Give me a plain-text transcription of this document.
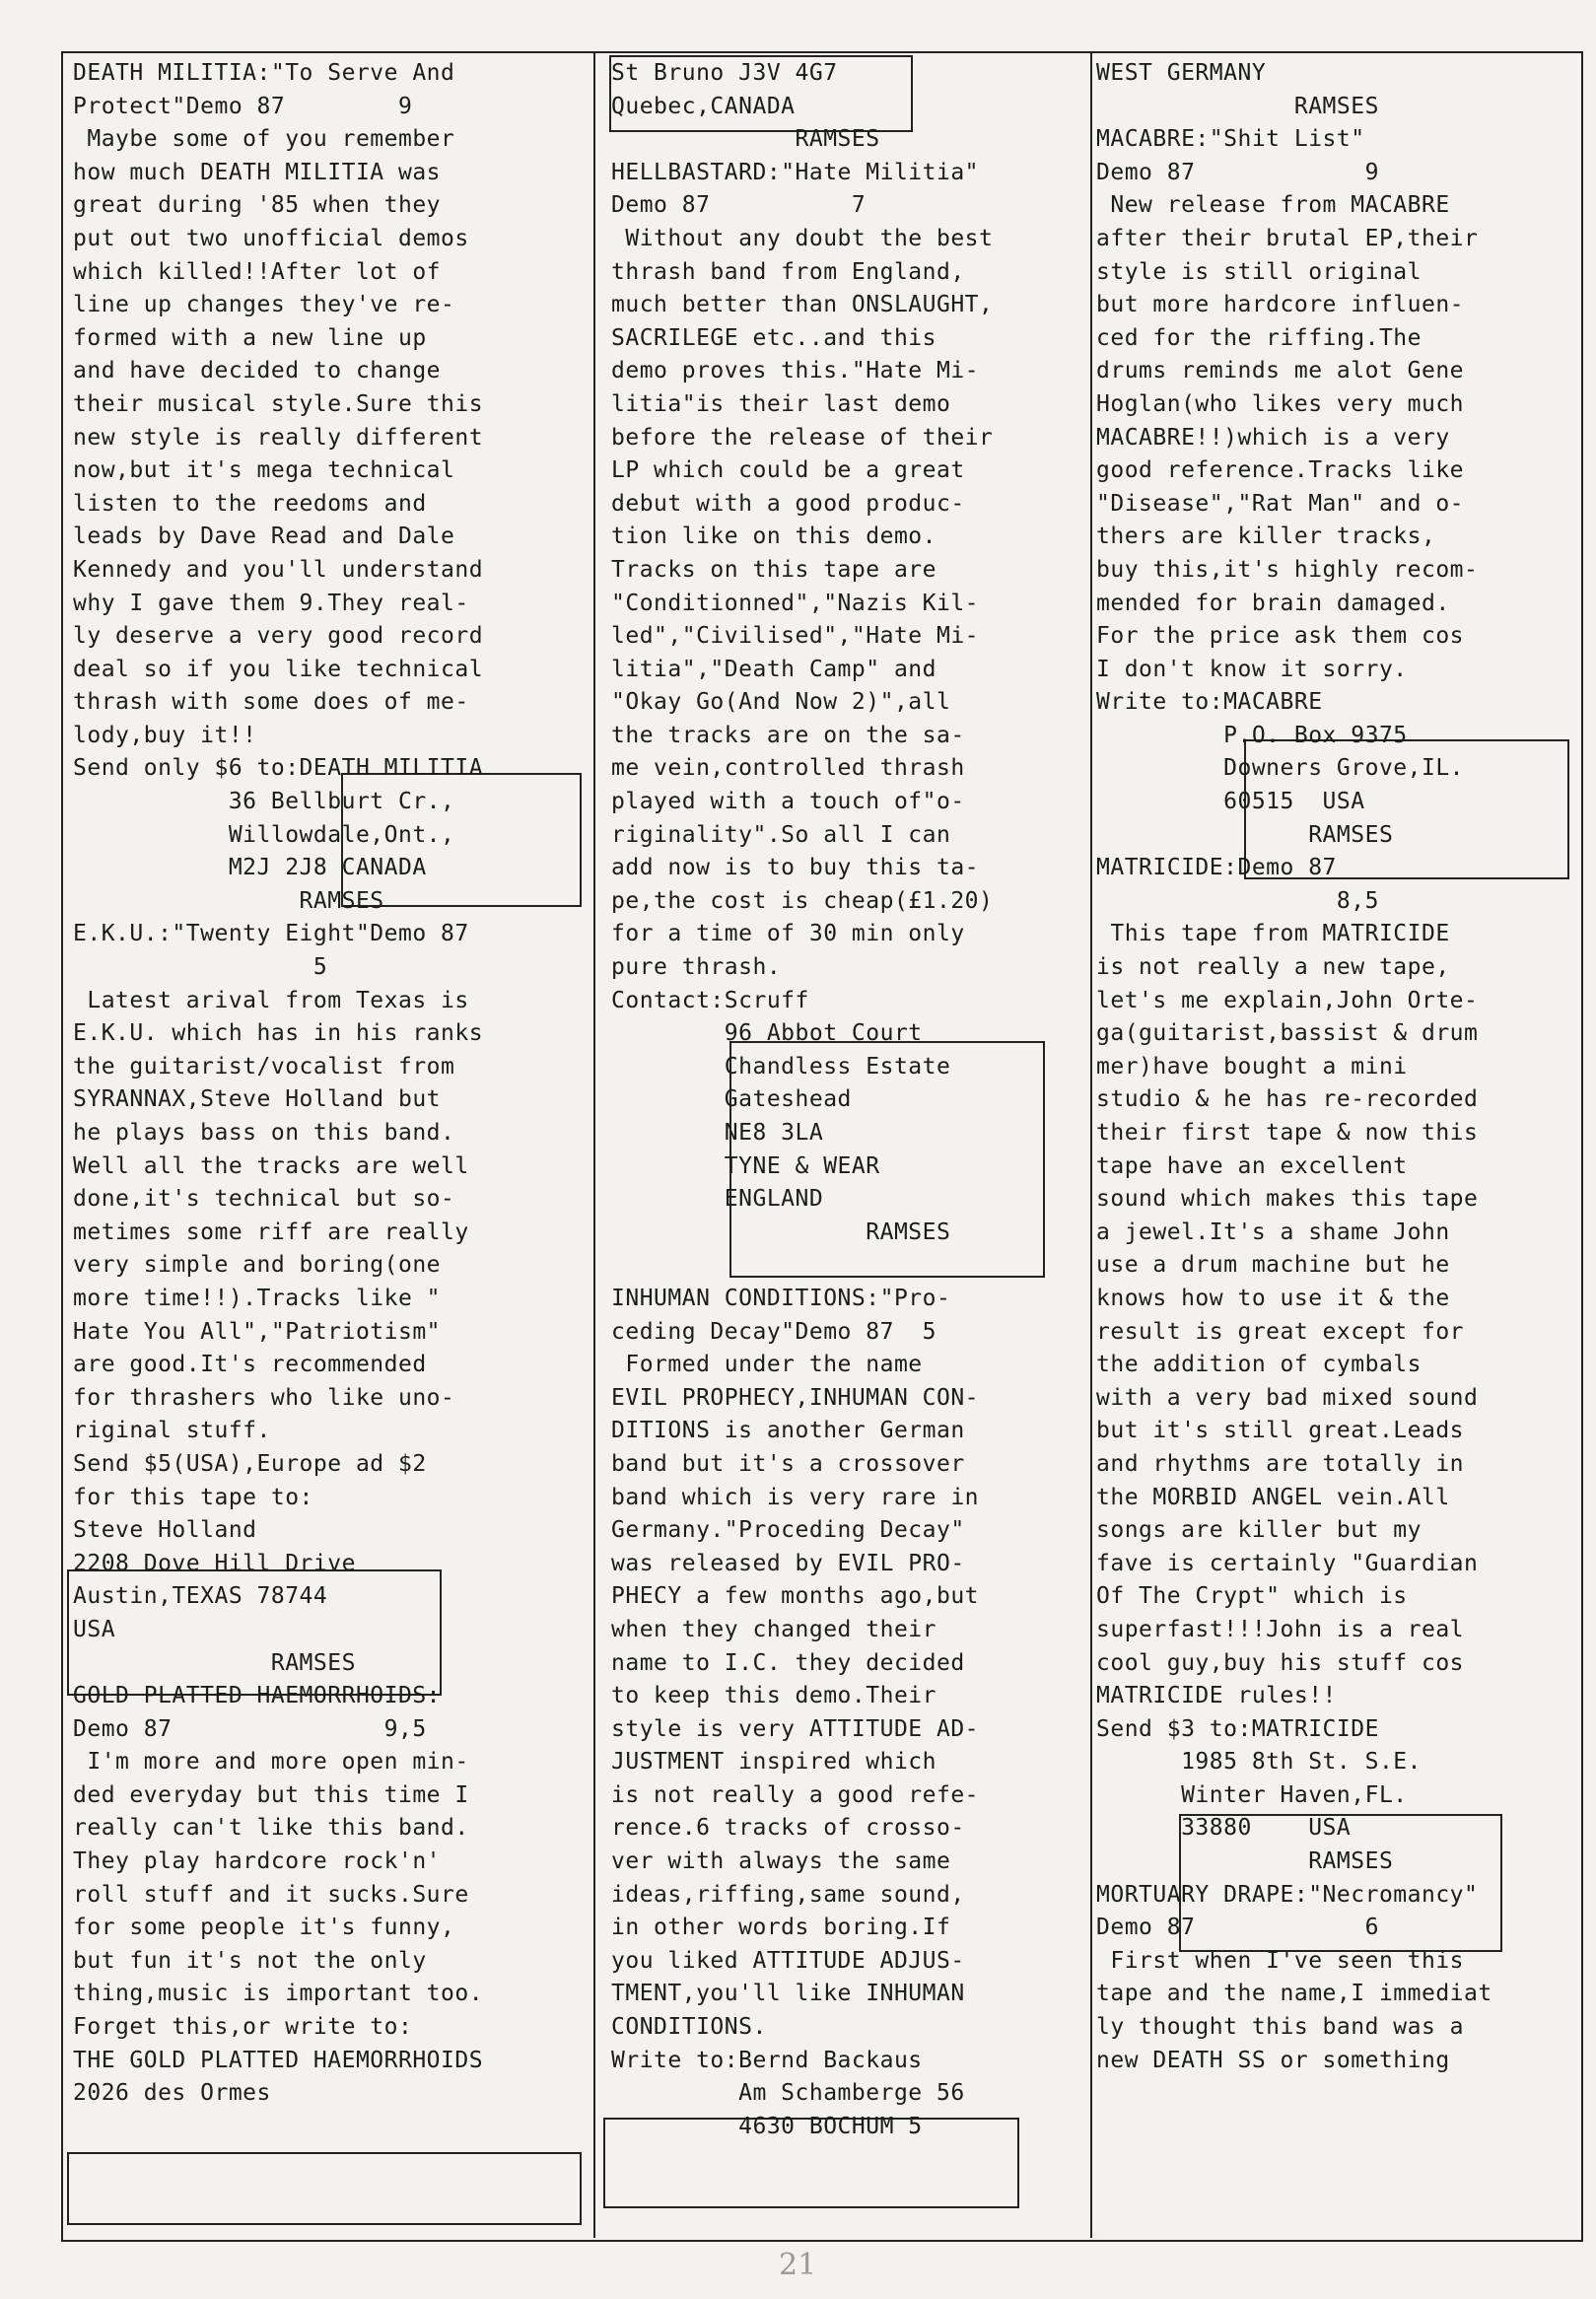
DEATH MILITIA:"To Serve And
Protect"Demo 87        9
Maybe some of you remember
how much DEATH MILITIA was
great during '85 when they
put out two unofficial demos
which killed!!After lot of
line up changes they've re-
formed with a new line up
and have decided to change
their musical style.Sure this
new style is really different
now,but it's mega technical
listen to the reedoms and
leads by Dave Read and Dale
Kennedy and you'll understand
why I gave them 9.They real-
ly deserve a very good record
deal so if you like technical
thrash with some does of me-
lody,buy it!!
Send only $6 to:DEATH MILITIA
36 Bellburt Cr.,
Willowdale,Ont.,
M2J 2J8 CANADA
RAMSES
E.K.U.:"Twenty Eight"Demo 87
5
Latest arival from Texas is
E.K.U. which has in his ranks
the guitarist/vocalist from
SYRANNAX,Steve Holland but
he plays bass on this band.
Well all the tracks are well
done,it's technical but so-
metimes some riff are really
very simple and boring(one
more time!!).Tracks like "
Hate You All","Patriotism"
are good.It's recommended
for thrashers who like uno-
riginal stuff.
Send $5(USA),Europe ad $2
for this tape to:
Steve Holland
2208 Dove Hill Drive
Austin,TEXAS 78744
USA
RAMSES
GOLD PLATTED HAEMORRHOIDS:
Demo 87               9,5
I'm more and more open min-
ded everyday but this time I
really can't like this band.
They play hardcore rock'n'
roll stuff and it sucks.Sure
for some people it's funny,
but fun it's not the only
thing,music is important too.
Forget this,or write to:
THE GOLD PLATTED HAEMORRHOIDS
2026 des Ormes
St Bruno J3V 4G7
Quebec,CANADA
RAMSES
HELLBASTARD:"Hate Militia"
Demo 87          7
Without any doubt the best
thrash band from England,
much better than ONSLAUGHT,
SACRILEGE etc..and this
demo proves this."Hate Mi-
litia"is their last demo
before the release of their
LP which could be a great
debut with a good produc-
tion like on this demo.
Tracks on this tape are
"Conditionned","Nazis Kil-
led","Civilised","Hate Mi-
litia","Death Camp" and
"Okay Go(And Now 2)",all
the tracks are on the sa-
me vein,controlled thrash
played with a touch of"o-
riginality".So all I can
add now is to buy this ta-
pe,the cost is cheap(£1.20)
for a time of 30 min only
pure thrash.
Contact:Scruff
96 Abbot Court
Chandless Estate
Gateshead
NE8 3LA
TYNE & WEAR
ENGLAND
RAMSES
INHUMAN CONDITIONS:"Pro-
ceding Decay"Demo 87  5
Formed under the name
EVIL PROPHECY,INHUMAN CON-
DITIONS is another German
band but it's a crossover
band which is very rare in
Germany."Proceding Decay"
was released by EVIL PRO-
PHECY a few months ago,but
when they changed their
name to I.C. they decided
to keep this demo.Their
style is very ATTITUDE AD-
JUSTMENT inspired which
is not really a good refe-
rence.6 tracks of crosso-
ver with always the same
ideas,riffing,same sound,
in other words boring.If
you liked ATTITUDE ADJUS-
TMENT,you'll like INHUMAN
CONDITIONS.
Write to:Bernd Backaus
Am Schamberge 56
4630 BOCHUM 5
WEST GERMANY
RAMSES
MACABRE:"Shit List"
Demo 87            9
New release from MACABRE
after their brutal EP,their
style is still original
but more hardcore influen-
ced for the riffing.The
drums reminds me alot Gene
Hoglan(who likes very much
MACABRE!!)which is a very
good reference.Tracks like
"Disease","Rat Man" and o-
thers are killer tracks,
buy this,it's highly recom-
mended for brain damaged.
For the price ask them cos
I don't know it sorry.
Write to:MACABRE
P.O. Box 9375
Downers Grove,IL.
60515  USA
RAMSES
MATRICIDE:Demo 87
8,5
This tape from MATRICIDE
is not really a new tape,
let's me explain,John Orte-
ga(guitarist,bassist & drum
mer)have bought a mini
studio & he has re-recorded
their first tape & now this
tape have an excellent
sound which makes this tape
a jewel.It's a shame John
use a drum machine but he
knows how to use it & the
result is great except for
the addition of cymbals
with a very bad mixed sound
but it's still great.Leads
and rhythms are totally in
the MORBID ANGEL vein.All
songs are killer but my
fave is certainly "Guardian
Of The Crypt" which is
superfast!!!John is a real
cool guy,buy his stuff cos
MATRICIDE rules!!
Send $3 to:MATRICIDE
1985 8th St. S.E.
Winter Haven,FL.
33880    USA
RAMSES
MORTUARY DRAPE:"Necromancy"
Demo 87            6
First when I've seen this
tape and the name,I immediat
ly thought this band was a
new DEATH SS or something
21
